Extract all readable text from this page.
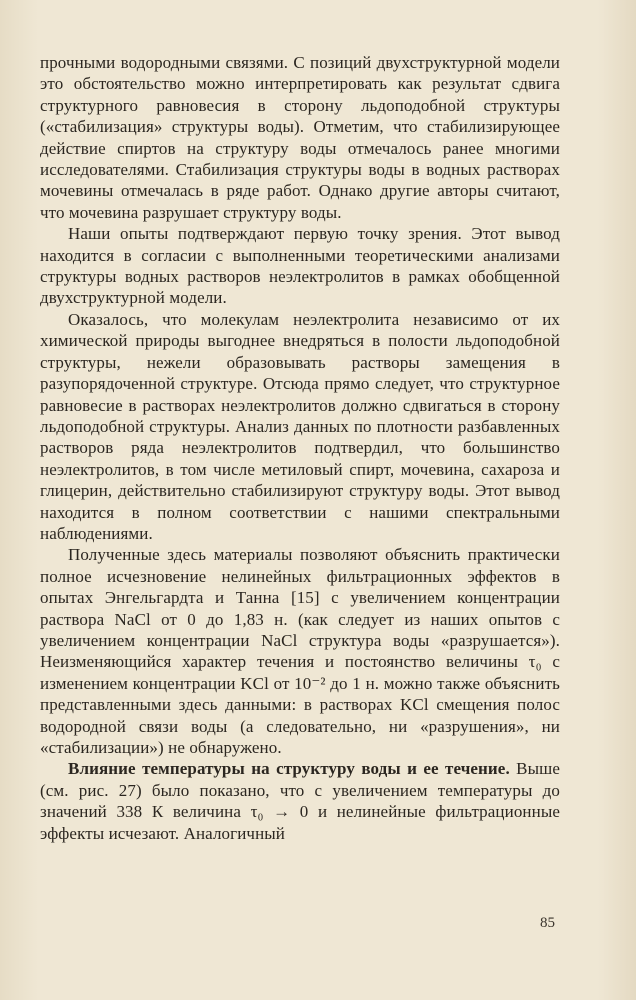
прочными водородными связями. С позиций двухструктурной модели это обстоятельство можно интерпретировать как результат сдвига структурного равновесия в сторону льдоподобной структуры («стабилизация» структуры воды). Отметим, что стабилизирующее действие спиртов на структуру воды отмечалось ранее многими исследователями. Стабилизация структуры воды в водных растворах мочевины отмечалась в ряде работ. Однако другие авторы считают, что мочевина разрушает структуру воды.

Наши опыты подтверждают первую точку зрения. Этот вывод находится в согласии с выполненными теоретическими анализами структуры водных растворов неэлектролитов в рамках обобщенной двухструктурной модели.

Оказалось, что молекулам неэлектролита независимо от их химической природы выгоднее внедряться в полости льдоподобной структуры, нежели образовывать растворы замещения в разупорядоченной структуре. Отсюда прямо следует, что структурное равновесие в растворах неэлектролитов должно сдвигаться в сторону льдоподобной структуры. Анализ данных по плотности разбавленных растворов ряда неэлектролитов подтвердил, что большинство неэлектролитов, в том числе метиловый спирт, мочевина, сахароза и глицерин, действительно стабилизируют структуру воды. Этот вывод находится в полном соответствии с нашими спектральными наблюдениями.

Полученные здесь материалы позволяют объяснить практически полное исчезновение нелинейных фильтрационных эффектов в опытах Энгельгардта и Танна [15] с увеличением концентрации раствора NaCl от 0 до 1,83 н. (как следует из наших опытов с увеличением концентрации NaCl структура воды «разрушается»). Неизменяющийся характер течения и постоянство величины τ₀ с изменением концентрации KCl от 10⁻² до 1 н. можно также объяснить представленными здесь данными: в растворах KCl смещения полос водородной связи воды (а следовательно, ни «разрушения», ни «стабилизации») не обнаружено.

Влияние температуры на структуру воды и ее течение. Выше (см. рис. 27) было показано, что с увеличением температуры до значений 338 К величина τ₀ → 0 и нелинейные фильтрационные эффекты исчезают. Аналогичный

85
